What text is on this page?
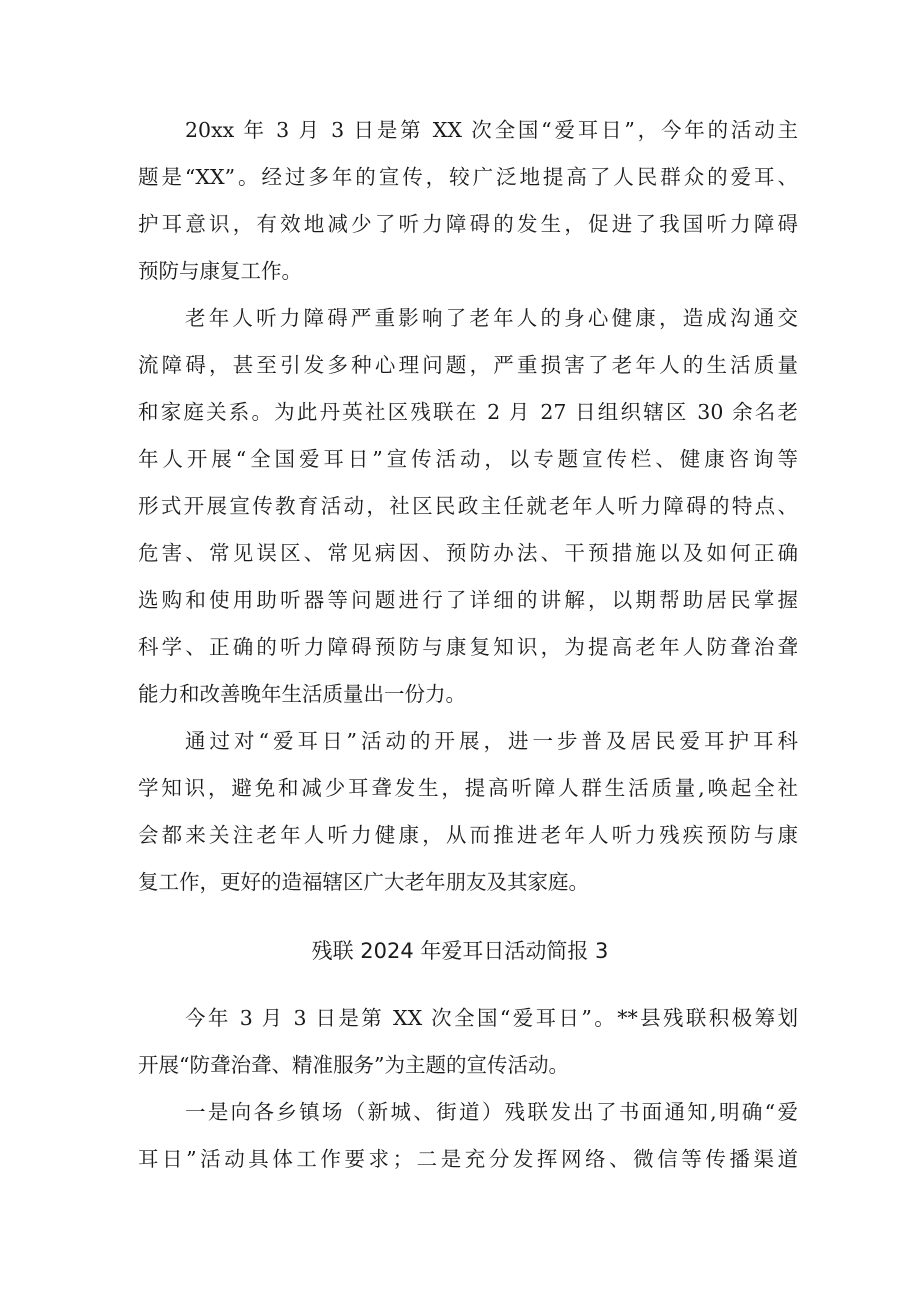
20xx 年 3 月 3 日是第 XX 次全国“爱耳日”，今年的活动主
题是“XX”。经过多年的宣传，较广泛地提高了人民群众的爱耳、
护耳意识，有效地减少了听力障碍的发生，促进了我国听力障碍
预防与康复工作。
老年人听力障碍严重影响了老年人的身心健康，造成沟通交
流障碍，甚至引发多种心理问题，严重损害了老年人的生活质量
和家庭关系。为此丹英社区残联在 2 月 27 日组织辖区 30 余名老
年人开展“全国爱耳日”宣传活动，以专题宣传栏、健康咨询等
形式开展宣传教育活动，社区民政主任就老年人听力障碍的特点、
危害、常见误区、常见病因、预防办法、干预措施以及如何正确
选购和使用助听器等问题进行了详细的讲解，以期帮助居民掌握
科学、正确的听力障碍预防与康复知识，为提高老年人防聋治聋
能力和改善晚年生活质量出一份力。
通过对“爱耳日”活动的开展，进一步普及居民爱耳护耳科
学知识，避免和减少耳聋发生，提高听障人群生活质量,唤起全社
会都来关注老年人听力健康，从而推进老年人听力残疾预防与康
复工作，更好的造福辖区广大老年朋友及其家庭。
残联 2024 年爱耳日活动简报 3
今年 3 月 3 日是第 XX 次全国“爱耳日”。**县残联积极筹划
开展“防聋治聋、精准服务”为主题的宣传活动。
一是向各乡镇场（新城、街道）残联发出了书面通知,明确“爱
耳日”活动具体工作要求；二是充分发挥网络、微信等传播渠道
